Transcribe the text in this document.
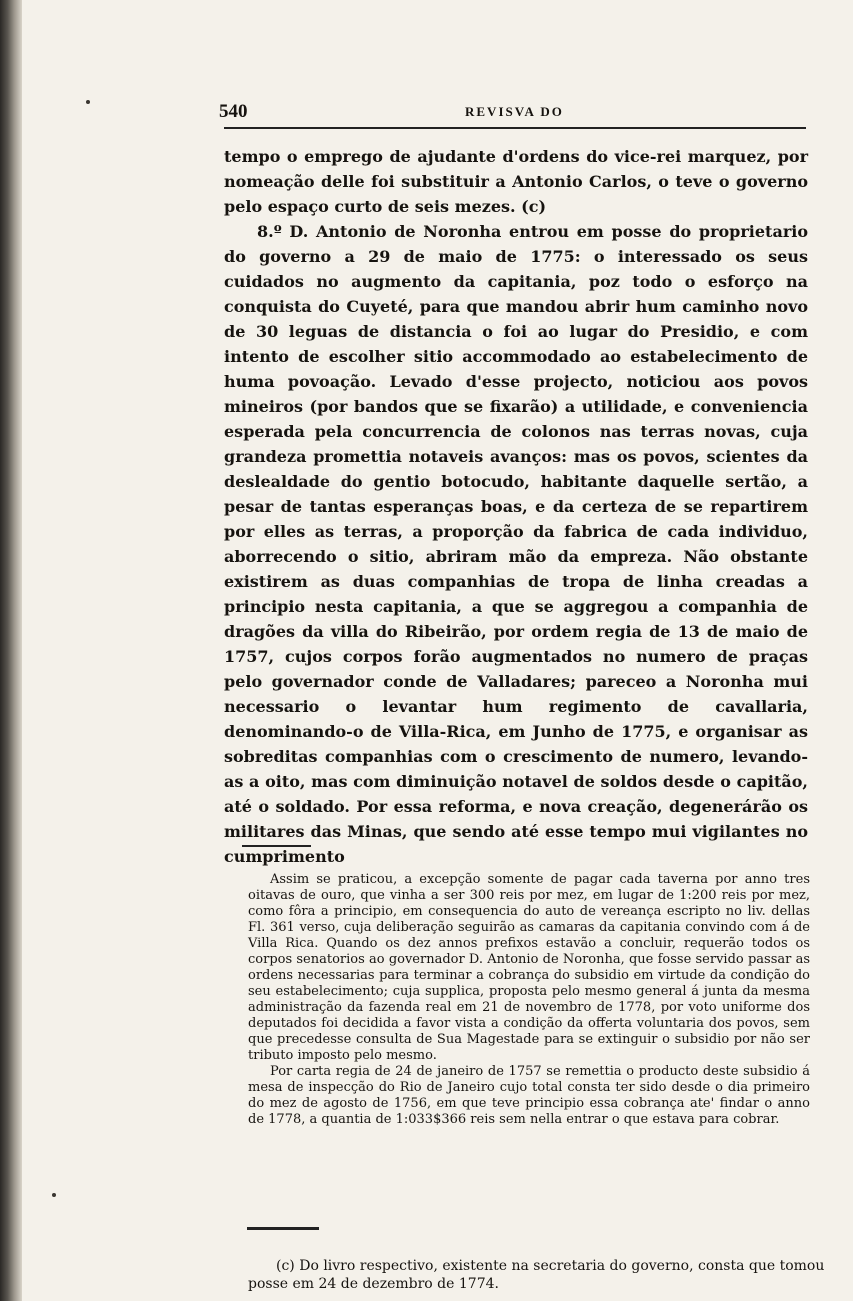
540	REVISVA DO

tempo o emprego de ajudante d'ordens do vice-rei marquez, por nomeação delle foi substituir a Antonio Carlos, o teve o governo pelo espaço curto de seis mezes. (c)

8.º D. Antonio de Noronha entrou em posse do proprietario do governo a 29 de maio de 1775: o interessado os seus cuidados no augmento da capitania, poz todo o esforço na conquista do Cuyeté, para que mandou abrir hum caminho novo de 30 leguas de distancia o foi ao lugar do Presidio, e com intento de escolher sitio accommodado ao estabelecimento de huma povoação. Levado d'esse projecto, noticiou aos povos mineiros (por bandos que se fixarão) a utilidade, e conveniencia esperada pela concurrencia de colonos nas terras novas, cuja grandeza promettia notaveis avanços: mas os povos, scientes da deslealdade do gentio botocudo, habitante daquelle sertão, a pesar de tantas esperanças boas, e da certeza de se repartirem por elles as terras, a proporção da fabrica de cada individuo, aborrecendo o sitio, abriram mão da empreza. Não obstante existirem as duas companhias de tropa de linha creadas a principio nesta capitania, a que se aggregou a companhia de dragões da villa do Ribeirão, por ordem regia de 13 de maio de 1757, cujos corpos forão augmentados no numero de praças pelo governador conde de Valladares; pareceo a Noronha mui necessario o levantar hum regimento de cavallaria, denominando-o de Villa-Rica, em Junho de 1775, e organisar as sobreditas companhias com o crescimento de numero, levando-as a oito, mas com diminuição notavel de soldos desde o capitão, até o soldado. Por essa reforma, e nova creação, degenerárão os militares das Minas, que sendo até esse tempo mui vigilantes no cumprimento

Assim se praticou, a excepção somente de pagar cada taverna por anno tres oitavas de ouro, que vinha a ser 300 reis por mez, em lugar de 1:200 reis por mez, como fôra a principio, em consequencia do auto de vereança escripto no liv. dellas Fl. 361 verso, cuja deliberação seguirão as camaras da capitania convindo com á de Villa Rica. Quando os dez annos prefixos estavão a concluir, requerão todos os corpos senatorios ao governador D. Antonio de Noronha, que fosse servido passar as ordens necessarias para terminar a cobrança do subsidio em virtude da condição do seu estabelecimento; cuja supplica, proposta pelo mesmo general á junta da mesma administração da fazenda real em 21 de novembro de 1778, por voto uniforme dos deputados foi decidida a favor vista a condição da offerta voluntaria dos povos, sem que precedesse consulta de Sua Magestade para se extinguir o subsidio por não ser tributo imposto pelo mesmo.

Por carta regia de 24 de janeiro de 1757 se remettia o producto deste subsidio á mesa de inspecção do Rio de Janeiro cujo total consta ter sido desde o dia primeiro do mez de agosto de 1756, em que teve principio essa cobrança ate' findar o anno de 1778, a quantia de 1:033$366 reis sem nella entrar o que estava para cobrar.

(c) Do livro respectivo, existente na secretaria do governo, consta que tomou posse em 24 de dezembro de 1774.
